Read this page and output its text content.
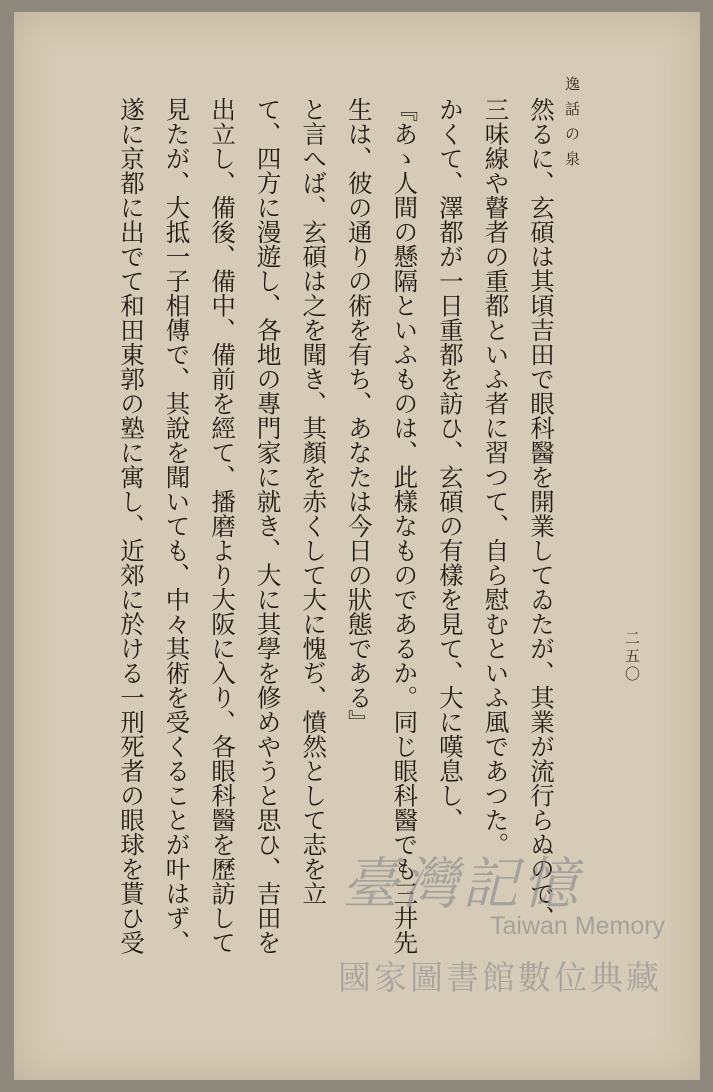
逸話の泉
二五〇
然るに、玄碩は其頃吉田で眼科醫を開業してゐたが、其業が流行らぬので、
三味線や瞽者の重都といふ者に習つて、自ら慰むといふ風であつた。
かくて、澤都が一日重都を訪ひ、玄碩の有樣を見て、大に嘆息し、
『あゝ人間の懸隔といふものは、此樣なものであるか。同じ眼科醫でも三井先
生は、彼の通りの術を有ち、あなたは今日の狀態である』
と言へば、玄碩は之を聞き、其顏を赤くして大に愧ぢ、憤然として志を立
て、四方に漫遊し、各地の專門家に就き、大に其學を修めやうと思ひ、吉田を
出立し、備後、備中、備前を經て、播磨より大阪に入り、各眼科醫を歷訪して
見たが、大抵一子相傳で、其說を聞いても、中々其術を受くることが叶はず、
遂に京都に出でて和田東郭の塾に寓し、近郊に於ける一刑死者の眼球を貰ひ受	臺灣記憶
Taiwan Memory
國家圖書館數位典藏
